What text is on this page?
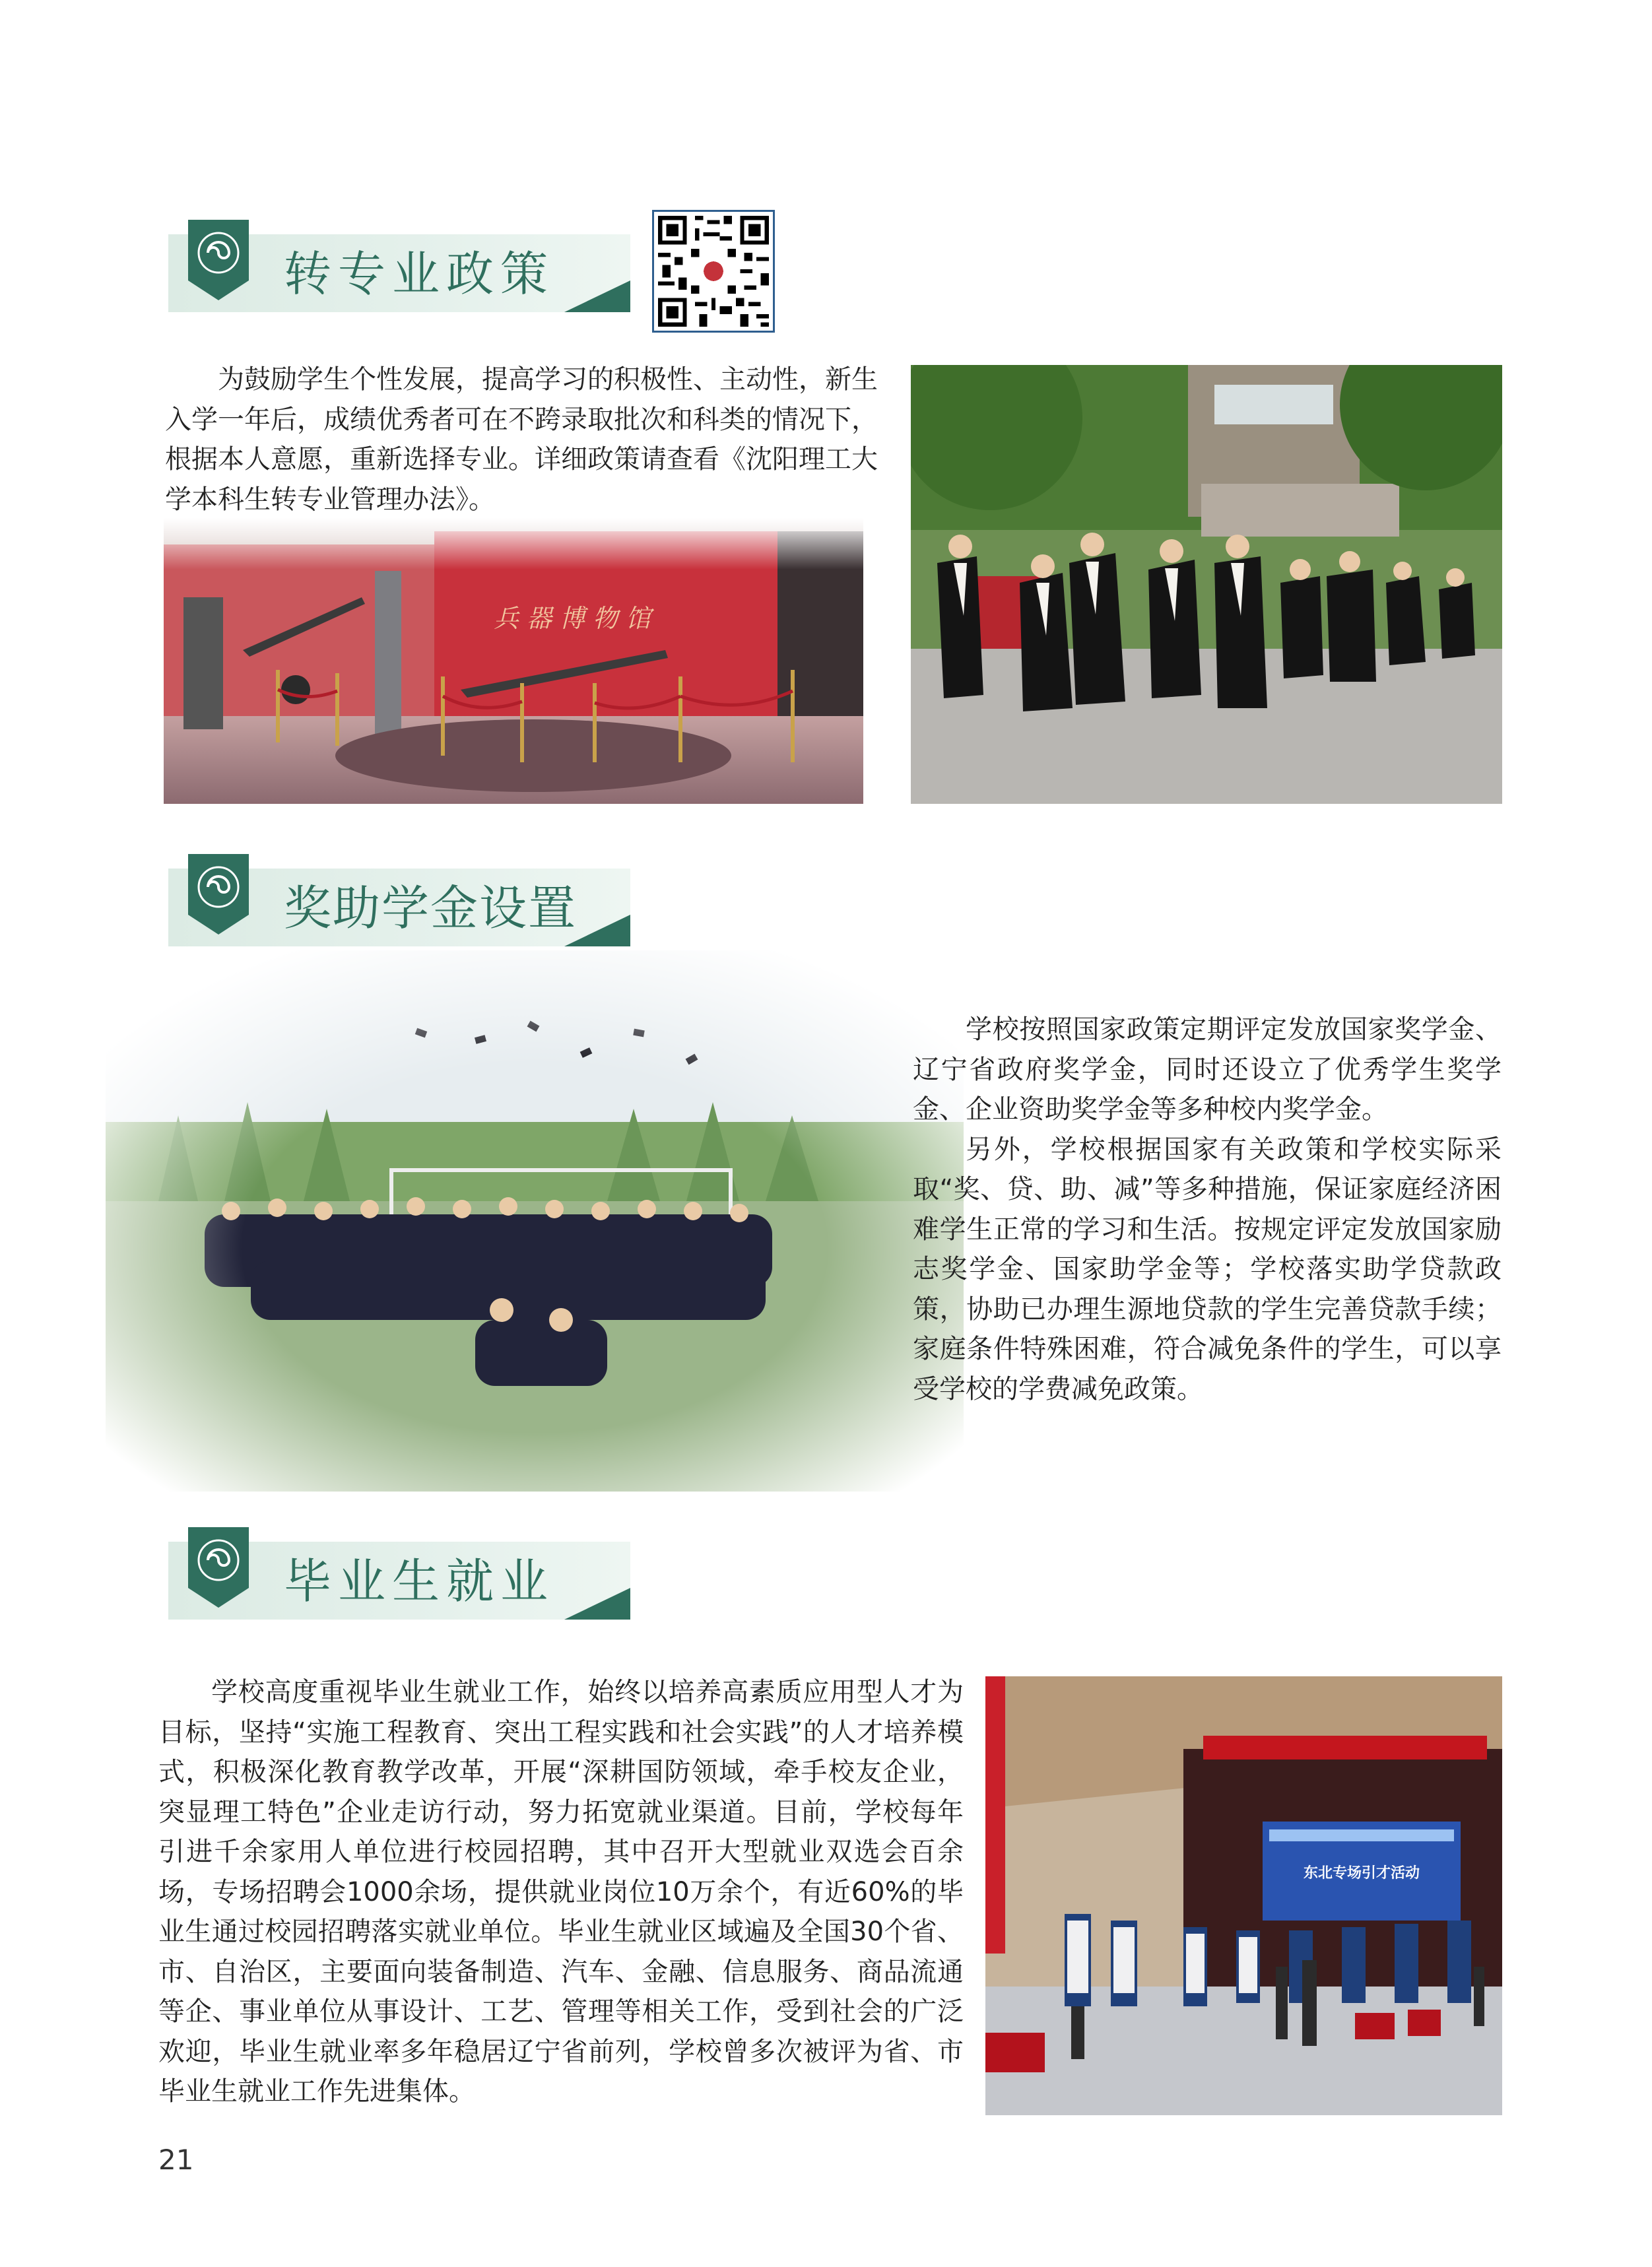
转专业政策

为鼓励学生个性发展，提高学习的积极性、主动性，新生入学一年后，成绩优秀者可在不跨录取批次和科类的情况下，根据本人意愿，重新选择专业。详细政策请查看《沈阳理工大学本科生转专业管理办法》。

奖助学金设置

学校按照国家政策定期评定发放国家奖学金、辽宁省政府奖学金，同时还设立了优秀学生奖学金、企业资助奖学金等多种校内奖学金。

另外，学校根据国家有关政策和学校实际采取“奖、贷、助、减”等多种措施，保证家庭经济困难学生正常的学习和生活。按规定评定发放国家励志奖学金、国家助学金等；学校落实助学贷款政策，协助已办理生源地贷款的学生完善贷款手续；家庭条件特殊困难，符合减免条件的学生，可以享受学校的学费减免政策。

毕业生就业

学校高度重视毕业生就业工作，始终以培养高素质应用型人才为目标，坚持“实施工程教育、突出工程实践和社会实践”的人才培养模式，积极深化教育教学改革，开展“深耕国防领域，牵手校友企业，突显理工特色”企业走访行动，努力拓宽就业渠道。目前，学校每年引进千余家用人单位进行校园招聘，其中召开大型就业双选会百余场，专场招聘会1000余场，提供就业岗位10万余个，有近60%的毕业生通过校园招聘落实就业单位。毕业生就业区域遍及全国30个省、市、自治区，主要面向装备制造、汽车、金融、信息服务、商品流通等企、事业单位从事设计、工艺、管理等相关工作，受到社会的广泛欢迎，毕业生就业率多年稳居辽宁省前列，学校曾多次被评为省、市毕业生就业工作先进集体。

东北专场引才活动
21
